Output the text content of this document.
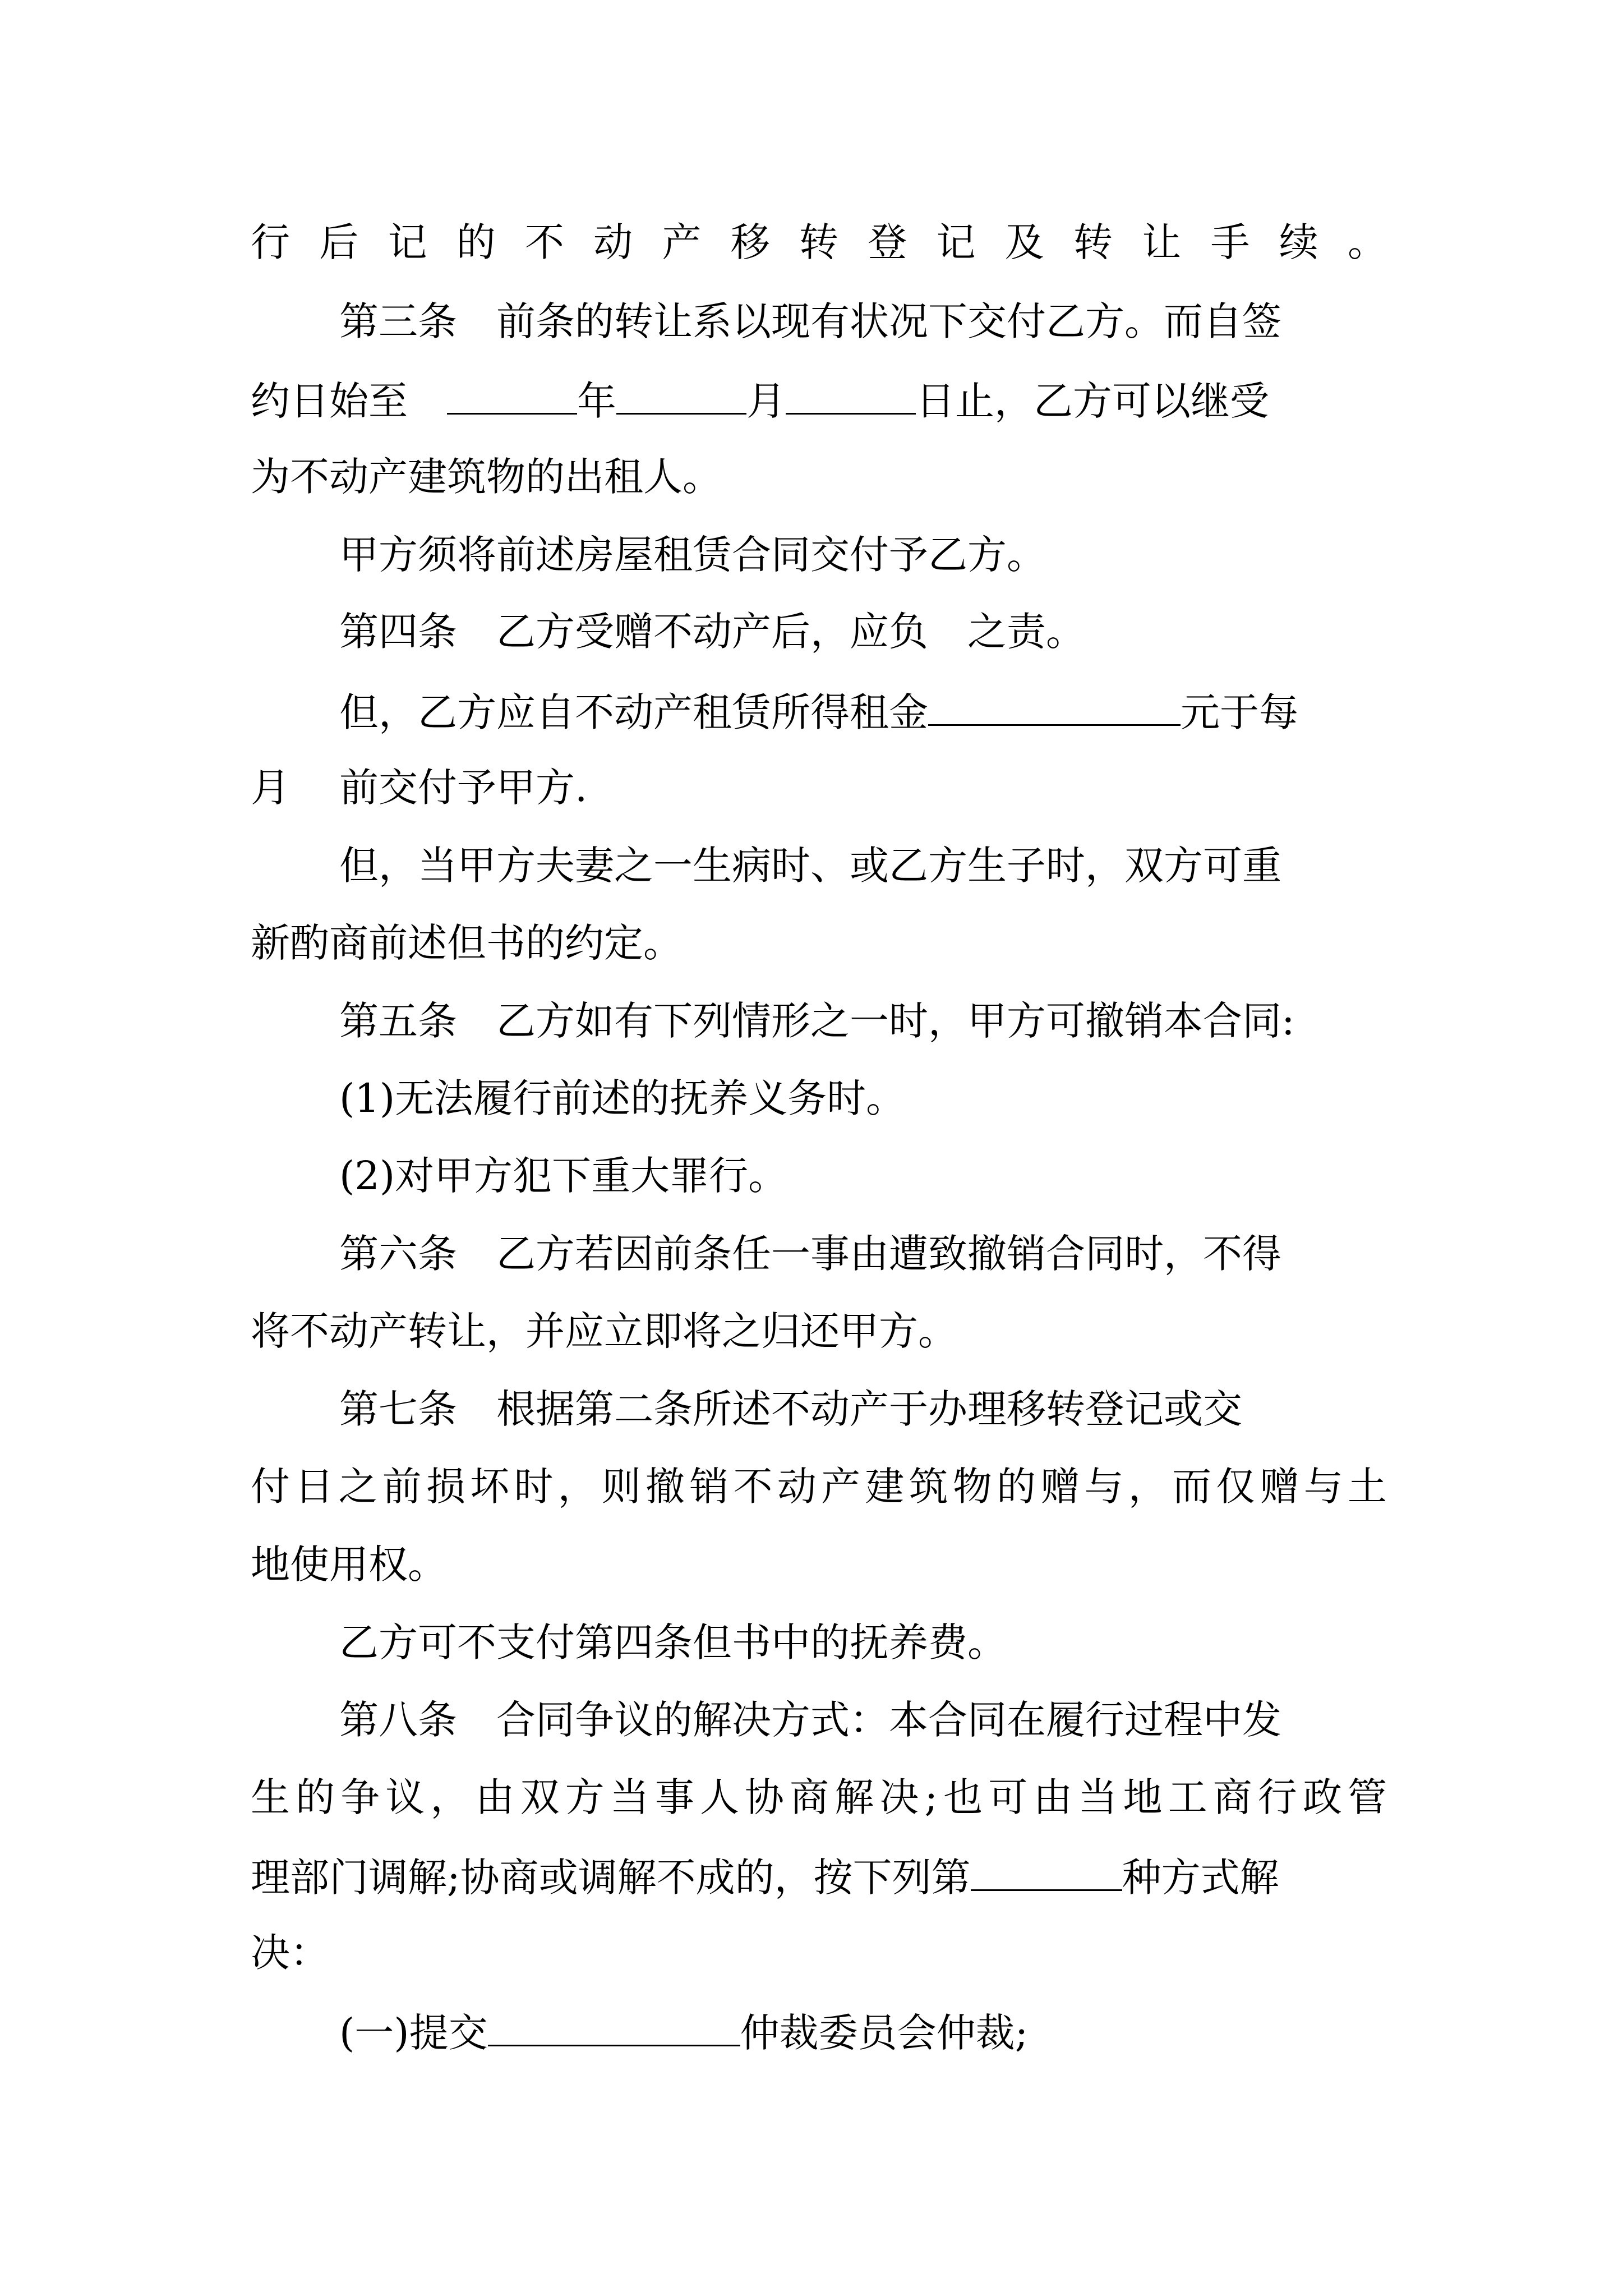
行后记的不动产移转登记及转让手续。

第三条 前条的转让系以现有状况下交付乙方。而自签

约日始至	年	月	日止，乙方可以继受

为不动产建筑物的出租人。

甲方须将前述房屋租赁合同交付予乙方。

第四条 乙方受赠不动产后，应负 之责。

但，乙方应自不动产租赁所得租金	元于每

月 前交付予甲方.

但，当甲方夫妻之一生病时、或乙方生子时，双方可重

新酌商前述但书的约定。

第五条 乙方如有下列情形之一时，甲方可撤销本合同:

(1)无法履行前述的抚养义务时。

(2)对甲方犯下重大罪行。

第六条 乙方若因前条任一事由遭致撤销合同时，不得

将不动产转让，并应立即将之归还甲方。

第七条 根据第二条所述不动产于办理移转登记或交

付日之前损坏时，则撤销不动产建筑物的赠与，而仅赠与土

地使用权。

乙方可不支付第四条但书中的抚养费。

第八条 合同争议的解决方式：本合同在履行过程中发

生的争议，由双方当事人协商解决;也可由当地工商行政管

理部门调解;协商或调解不成的，按下列第	种方式解

决：

(一)提交	仲裁委员会仲裁;
